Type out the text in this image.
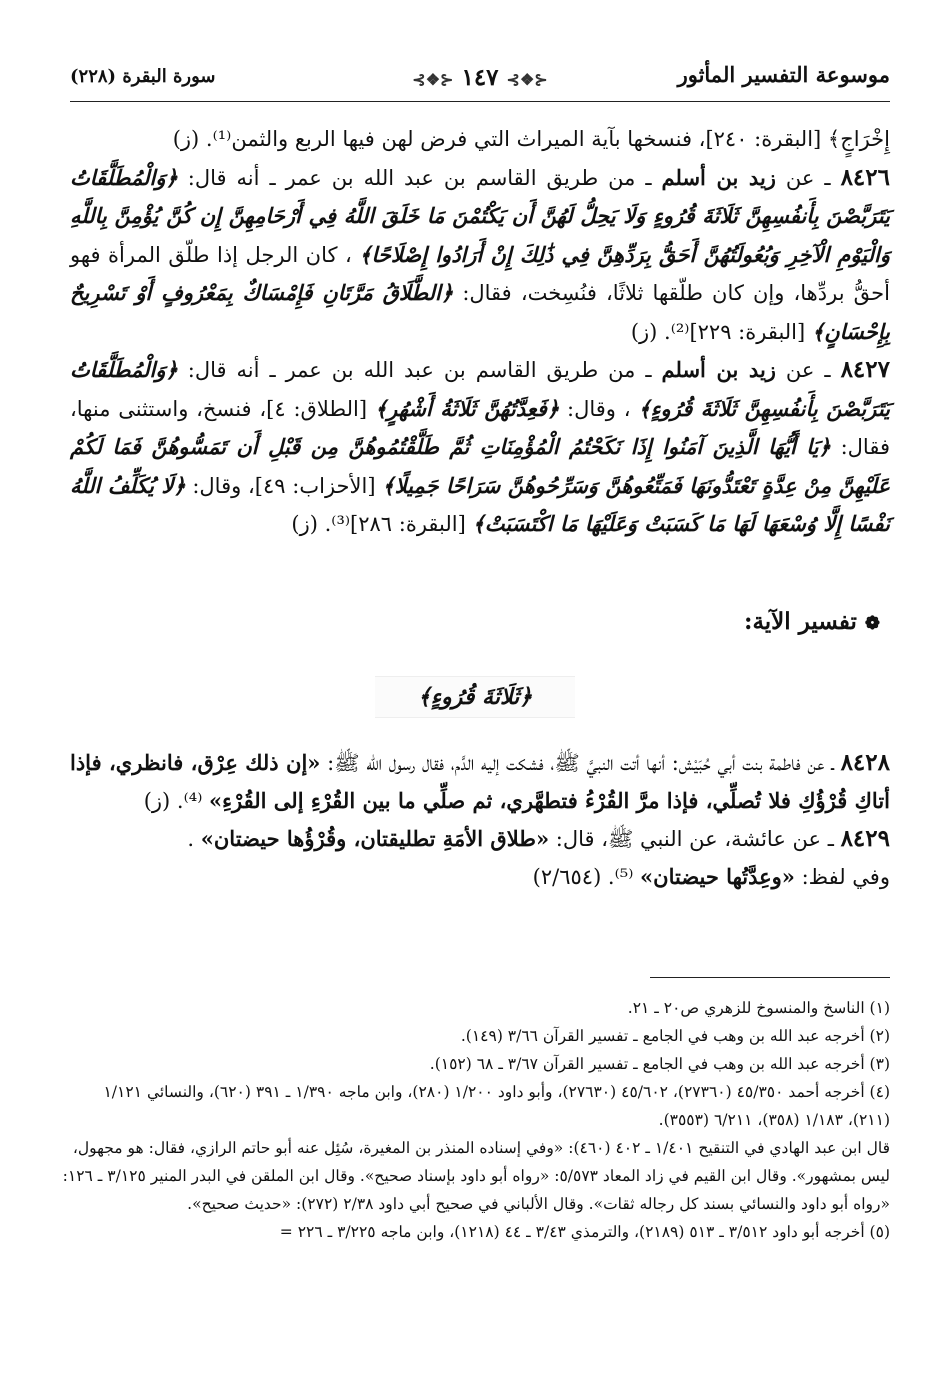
موسوعة التفسير المأثور
⊰❖⊱ ١٤٧ ⊰❖⊱
سورة البقرة (٢٢٨)

إِخْرَاجٍ﴾ [البقرة: ٢٤٠]، فنسخها بآية الميراث التي فرض لهن فيها الربع والثمن⁽¹⁾. (ز)

٨٤٢٦ ـ عن زيد بن أسلم ـ من طريق القاسم بن عبد الله بن عمر ـ أنه قال: ﴿وَالْمُطَلَّقَاتُ يَتَرَبَّصْنَ بِأَنفُسِهِنَّ ثَلَاثَةَ قُرُوءٍ وَلَا يَحِلُّ لَهُنَّ أَن يَكْتُمْنَ مَا خَلَقَ اللَّهُ فِي أَرْحَامِهِنَّ إِن كُنَّ يُؤْمِنَّ بِاللَّهِ وَالْيَوْمِ الْآخِرِ وَبُعُولَتُهُنَّ أَحَقُّ بِرَدِّهِنَّ فِي ذَٰلِكَ إِنْ أَرَادُوا إِصْلَاحًا﴾ ، كان الرجل إذا طلّق المرأة فهو أحقُّ بردِّها، وإن كان طلّقها ثلاثًا، فنُسِخت، فقال: ﴿الطَّلَاقُ مَرَّتَانِ فَإِمْسَاكٌ بِمَعْرُوفٍ أَوْ تَسْرِيحٌ بِإِحْسَانٍ﴾ [البقرة: ٢٢٩]⁽²⁾. (ز)

٨٤٢٧ ـ عن زيد بن أسلم ـ من طريق القاسم بن عبد الله بن عمر ـ أنه قال: ﴿وَالْمُطَلَّقَاتُ يَتَرَبَّصْنَ بِأَنفُسِهِنَّ ثَلَاثَةَ قُرُوءٍ﴾ ، وقال: ﴿فَعِدَّتُهُنَّ ثَلَاثَةُ أَشْهُرٍ﴾ [الطلاق: ٤]، فنسخ، واستثنى منها، فقال: ﴿يَا أَيُّهَا الَّذِينَ آمَنُوا إِذَا نَكَحْتُمُ الْمُؤْمِنَاتِ ثُمَّ طَلَّقْتُمُوهُنَّ مِن قَبْلِ أَن تَمَسُّوهُنَّ فَمَا لَكُمْ عَلَيْهِنَّ مِنْ عِدَّةٍ تَعْتَدُّونَهَا فَمَتِّعُوهُنَّ وَسَرِّحُوهُنَّ سَرَاحًا جَمِيلًا﴾ [الأحزاب: ٤٩]، وقال: ﴿لَا يُكَلِّفُ اللَّهُ نَفْسًا إِلَّا وُسْعَهَا لَهَا مَا كَسَبَتْ وَعَلَيْهَا مَا اكْتَسَبَتْ﴾ [البقرة: ٢٨٦]⁽³⁾. (ز)

❁ تفسير الآية:
﴿ثَلَاثَةَ قُرُوءٍ﴾

٨٤٢٨ ـ عن فاطمة بنت أبي حُبَيْش: أنها أتت النبيَّ ﷺ، فشكت إليه الدَّم، فقال رسول الله ﷺ: «إن ذلك عِرْق، فانظري، فإذا أتاكِ قُرْؤُكِ فلا تُصلِّي، فإذا مرَّ القُرْءُ فتطهَّري، ثم صلِّي ما بين القُرْءِ إلى القُرْءِ» ⁽⁴⁾. (ز)

٨٤٢٩ ـ عن عائشة، عن النبي ﷺ، قال: «طلاق الأمَةِ تطليقتان، وقُرْؤُها حيضتان» .
وفي لفظ: «وعِدَّتُها حيضتان» ⁽⁵⁾. (٢/٦٥٤)

(١) الناسخ والمنسوخ للزهري ص٢٠ ـ ٢١.

(٢) أخرجه عبد الله بن وهب في الجامع ـ تفسير القرآن ٣/٦٦ (١٤٩).

(٣) أخرجه عبد الله بن وهب في الجامع ـ تفسير القرآن ٣/٦٧ ـ ٦٨ (١٥٢).

(٤) أخرجه أحمد ٤٥/٣٥٠ (٢٧٣٦٠)، ٤٥/٦٠٢ (٢٧٦٣٠)، وأبو داود ١/٢٠٠ (٢٨٠)، وابن ماجه ١/٣٩٠ ـ ٣٩١ (٦٢٠)، والنسائي ١/١٢١ (٢١١)، ١/١٨٣ (٣٥٨)، ٦/٢١١ (٣٥٥٣).

قال ابن عبد الهادي في التنقيح ١/٤٠١ ـ ٤٠٢ (٤٦٠): «وفي إسناده المنذر بن المغيرة، سُئِل عنه أبو حاتم الرازي، فقال: هو مجهول، ليس بمشهور». وقال ابن القيم في زاد المعاد ٥/٥٧٣: «رواه أبو داود بإسناد صحيح». وقال ابن الملقن في البدر المنير ٣/١٢٥ ـ ١٢٦: «رواه أبو داود والنسائي بسند كل رجاله ثقات». وقال الألباني في صحيح أبي داود ٢/٣٨ (٢٧٢): «حديث صحيح».

(٥) أخرجه أبو داود ٣/٥١٢ ـ ٥١٣ (٢١٨٩)، والترمذي ٣/٤٣ ـ ٤٤ (١٢١٨)، وابن ماجه ٣/٢٢٥ ـ ٢٢٦ =
